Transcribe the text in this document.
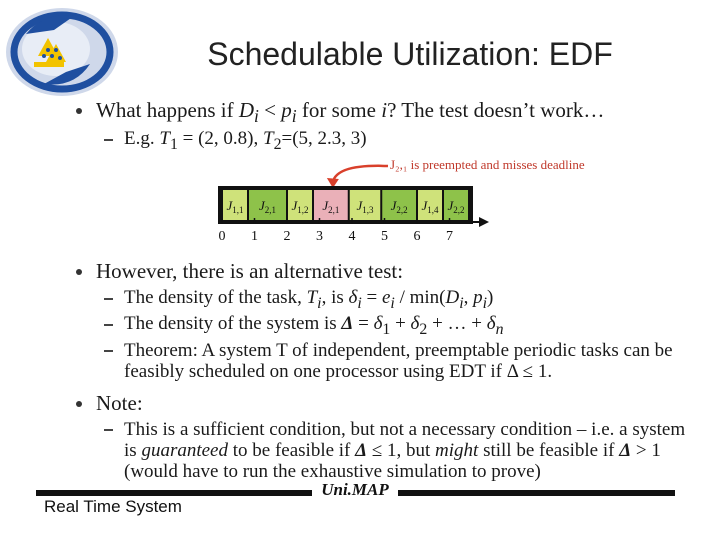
Schedulable Utilization: EDF
What happens if $D_i < p_i$ for some i? The test doesn’t work…
E.g. $T_1 = (2$, 0.8), $T_2=(5$, 2.3, 3)
J₂,₁ is preempted and misses deadline
$J_{1,1}$ $J_{2,1}$ $J_{1,2}$ $J_{2,1}$ $J_{1,3}$ $J_{2,2}$ $J_{1,4}$ $J_{2,2}$
0 1 2 3 4 5 6 7
However, there is an alternative test:
The density of the task, $T_i$, is $\delta_i = e_i / \min(D_i$, $p_i$)
The density of the system is $\Delta = \delta_1 + \delta_2$ + … + $\delta_n$
Theorem: A system T of independent, preemptable periodic tasks can be
feasibly scheduled on one processor using EDT if Δ ≤ 1.
Note:
This is a sufficient condition, but not a necessary condition – i.e. a system
is guaranteed to be feasible if Δ ≤ 1, but might still be feasible if Δ > 1
(would have to run the exhaustive simulation to prove)
Uni.MAP
Real Time System
